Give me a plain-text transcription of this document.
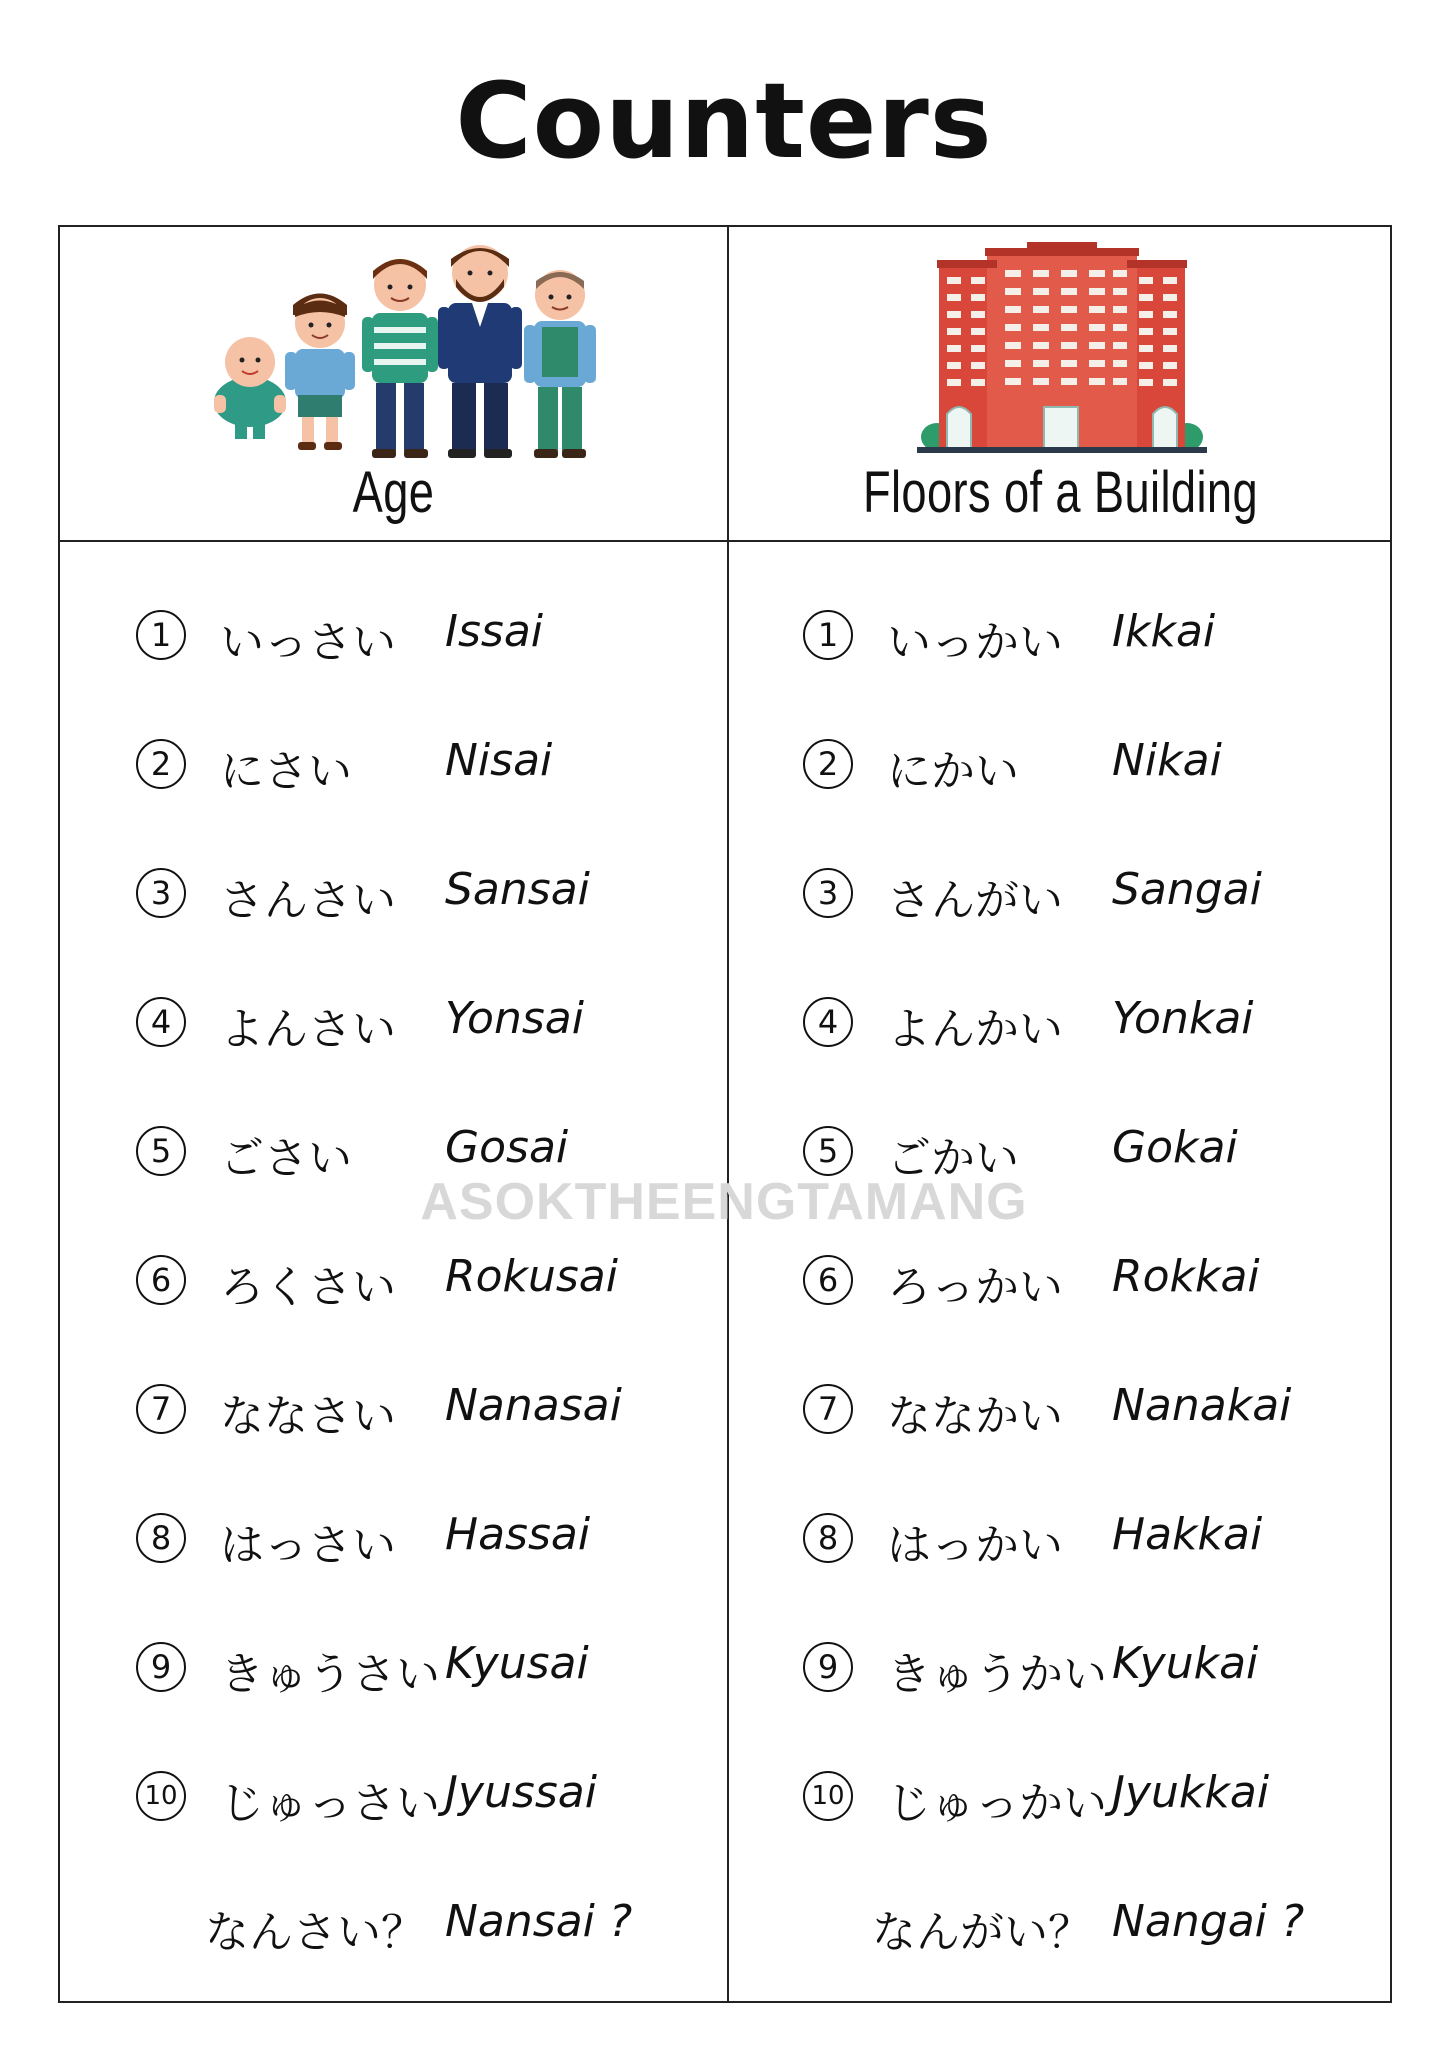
Counters
Age	Floors of a Building
1	いっさい Issai
2	にさい Nisai
3	さんさい Sansai
4	よんさい Yonsai
5	ごさい Gosai
6	ろくさい Rokusai
7	ななさい Nanasai
8	はっさい Hassai
9	きゅうさい Kyusai
10 じゅっさい Jyussai
なんさい？ Nansai ?
1	いっかい Ikkai
2	にかい Nikai
3	さんがい Sangai
4	よんかい Yonkai
5	ごかい Gokai
6	ろっかい Rokkai
7	ななかい Nanakai
8	はっかい Hakkai
9	きゅうかい Kyukai
10 じゅっかい Jyukkai
なんがい？ Nangai ?
ASOKTHEENGTAMANG
